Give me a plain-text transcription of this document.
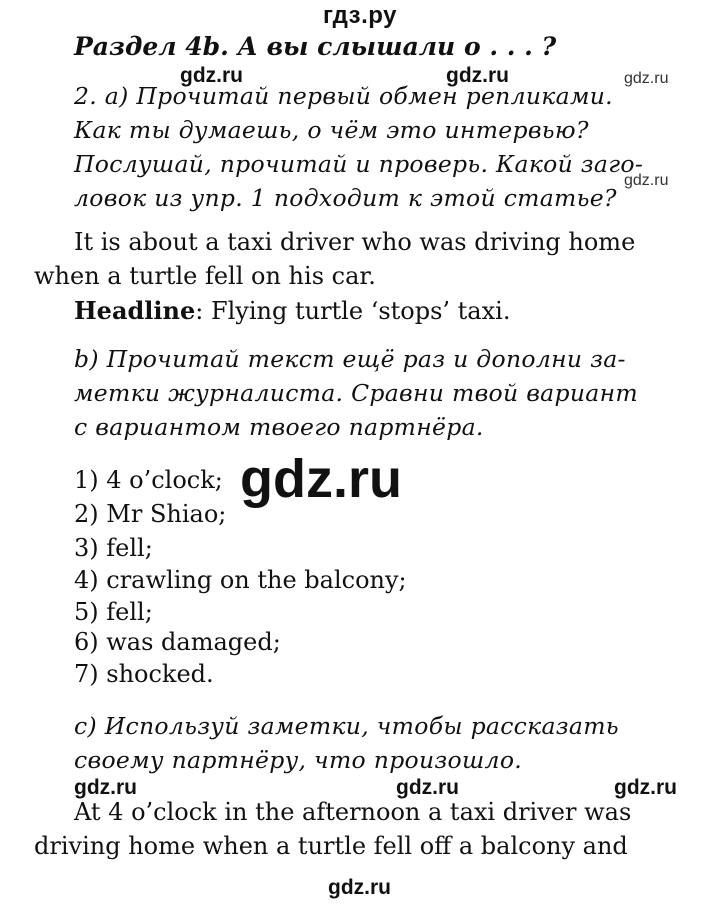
гдз.ру
Раздел 4b. А вы слышали о . . . ?
2. а) Прочитай первый обмен репликами.
Как ты думаешь, о чём это интервью?
Послушай, прочитай и проверь. Какой заго-
ловок из упр. 1 подходит к этой статье?
It is about a taxi driver who was driving home
when a turtle fell on his car.
Headline: Flying turtle ‘stops’ taxi.
b) Прочитай текст ещё раз и дополни за-
метки журналиста. Сравни твой вариант
с вариантом твоего партнёра.
1) 4 o’clock;
2) Mr Shiao;
3) fell;
4) crawling on the balcony;
5) fell;
6) was damaged;
7) shocked.
c) Используй заметки, чтобы рассказать
своему партнёру, что произошло.
At 4 o’clock in the afternoon a taxi driver was
driving home when a turtle fell off a balcony and
gdz.ru	gdz.ru	gdz.ru
gdz.ru
gdz.ru
gdz.ru	gdz.ru	gdz.ru
gdz.ru
